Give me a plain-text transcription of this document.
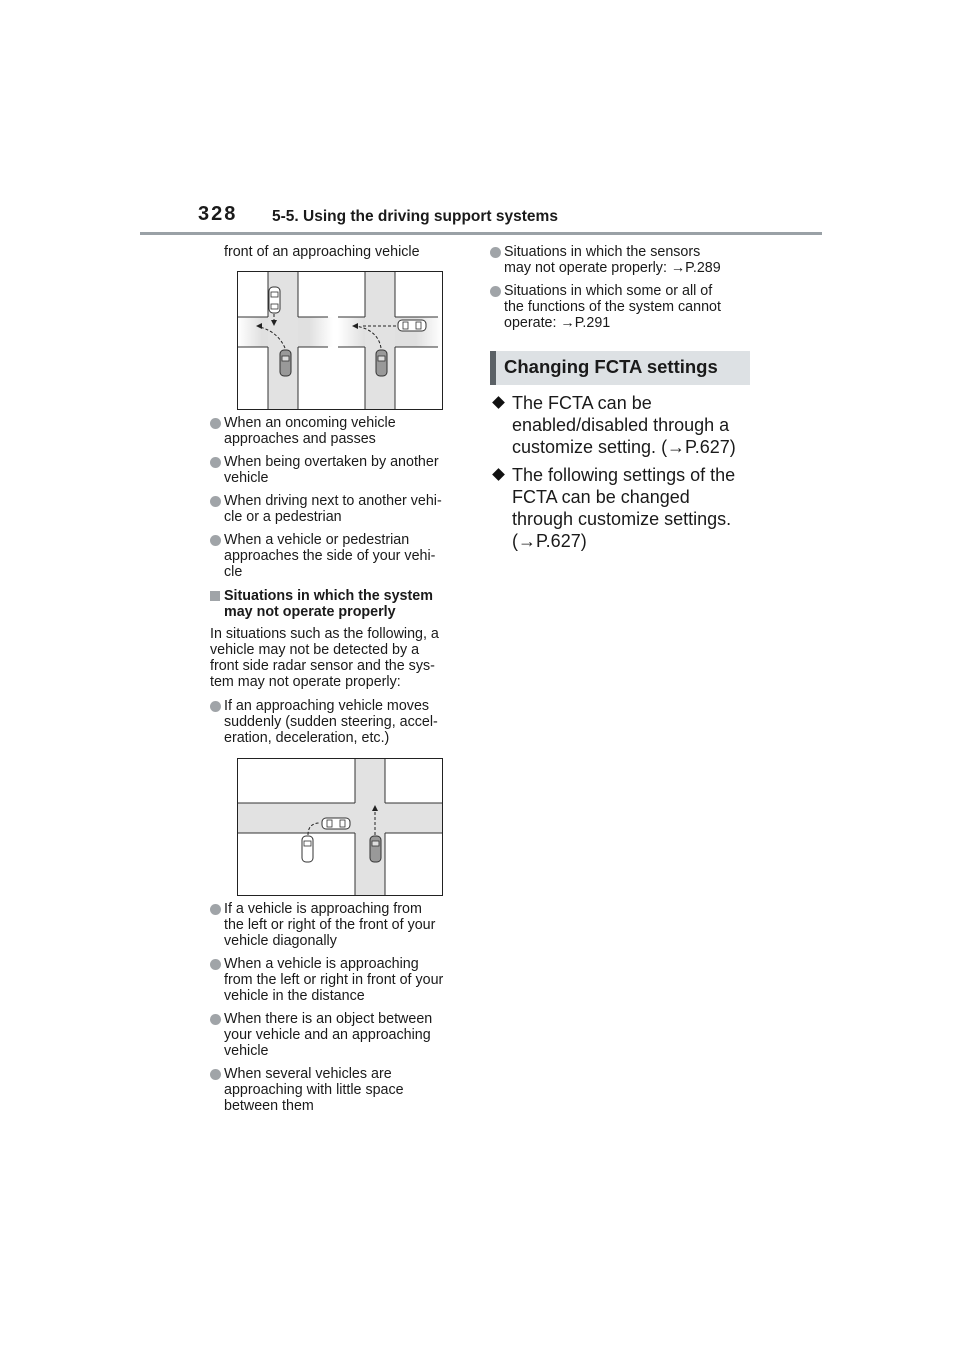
328 5-5. Using the driving support systems
front of an approaching vehicle
When an oncoming vehicle
approaches and passes
When being overtaken by another
vehicle
When driving next to another vehi-
cle or a pedestrian
When a vehicle or pedestrian
approaches the side of your vehi-
cle
Situations in which the system
may not operate properly
In situations such as the following, a
vehicle may not be detected by a
front side radar sensor and the sys-
tem may not operate properly:
If an approaching vehicle moves
suddenly (sudden steering, accel-
eration, deceleration, etc.)
If a vehicle is approaching from
the left or right of the front of your
vehicle diagonally
When a vehicle is approaching
from the left or right in front of your
vehicle in the distance
When there is an object between
your vehicle and an approaching
vehicle
When several vehicles are
approaching with little space
between them
Situations in which the sensors
may not operate properly: →P.289
Situations in which some or all of
the functions of the system cannot
operate: →P.291
Changing FCTA settings
The FCTA can be
enabled/disabled through a
customize setting. (→P.627)
The following settings of the
FCTA can be changed
through customize settings.
(→P.627)
